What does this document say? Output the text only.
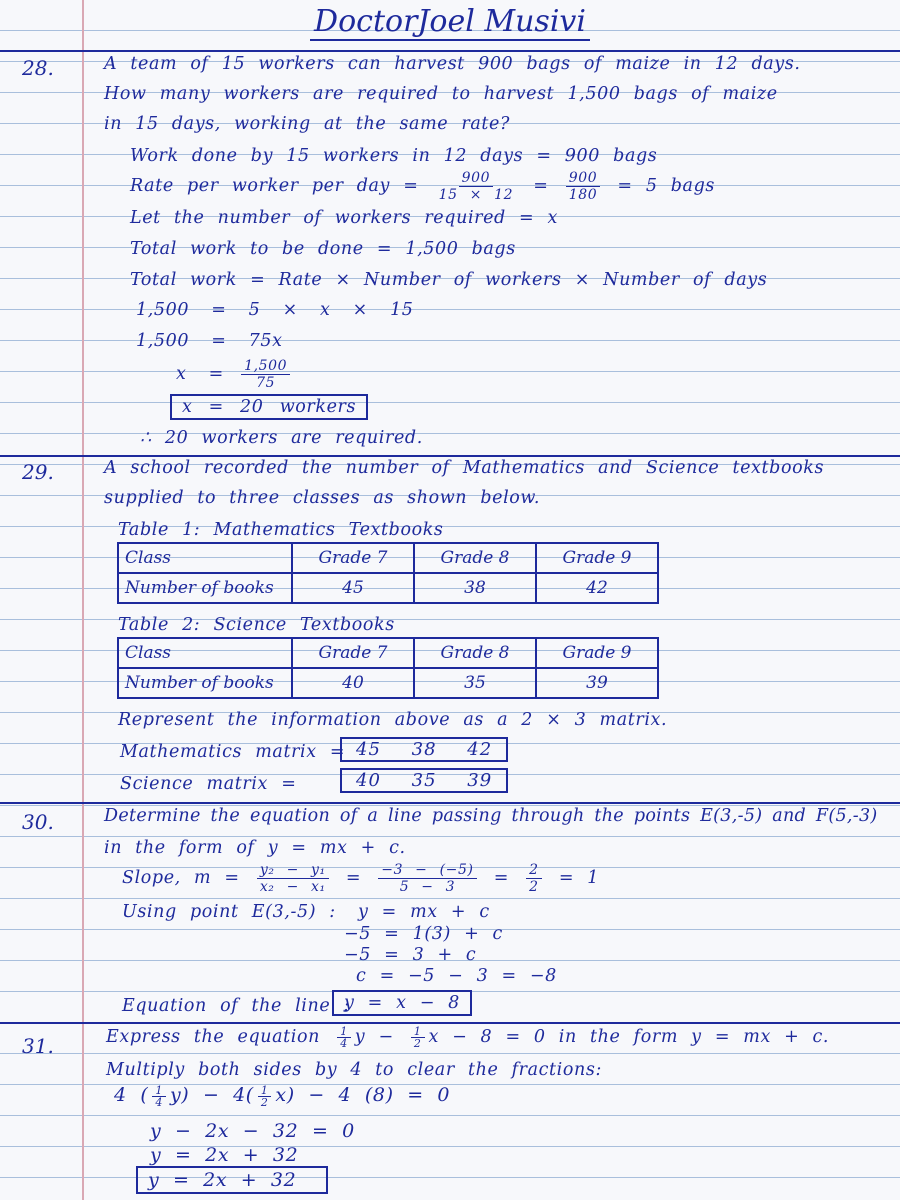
DoctorJoel Musivi
28.	A team of 15 workers can harvest 900 bags of maize in 12 days.
How many workers are required to harvest 1,500 bags of maize
in 15 days, working at the same rate?
Work done by 15 workers in 12 days = 900 bags
Rate per worker per day = $\frac{900}{15 \times 12} = \frac{900}{180} = 5$ bags
Let the number of workers required = x
Total work to be done = 1,500 bags
Total work = Rate × Number of workers × Number of days
1,500 = 5 × x × 15
1,500 = 75x
$x = \frac{1,500}{75}$
x = 20 workers
∴ 20 workers are required.
29.	A school recorded the number of Mathematics and Science textbooks
supplied to three classes as shown below.
Table 1: Mathematics Textbooks
Class	Grade 7	Grade 8	Grade 9
Number of books	45	38	42
Table 2: Science Textbooks
Class	Grade 7	Grade 8	Grade 9
Number of books	40	35	39
Represent the information above as a 2 × 3 matrix.
Mathematics matrix = 45 38 42
Science matrix =	40 35 39
30.	Determine the equation of a line passing through the points E(3,-5) and F(5,-3)
in the form of y = mx + c.
Slope, $m = \frac{\text{y₂ − y₁}}{\text{x₂ − x₁}} = \frac{-3 - (-5)}{5 - 3} = \frac{2}{2} = 1$
Using point E(3,-5) : y = mx + c
−5 = 1(3) + c
−5 = 3 + c
c = −5 − 3 = −8
Equation of the line :
y = x − 8
31.	Express the equation $\frac{1}{4}$ $y - \frac{1}{2}$ x − 8 = 0 in the form y = mx + c.
Multiply both sides by 4 to clear the fractions:
4 ( $\frac{1}{4} y) - 4( \frac{1}{2} x) - 4$ (8) = 0
y − 2x − 32 = 0
y = 2x + 32
y = 2x + 32
